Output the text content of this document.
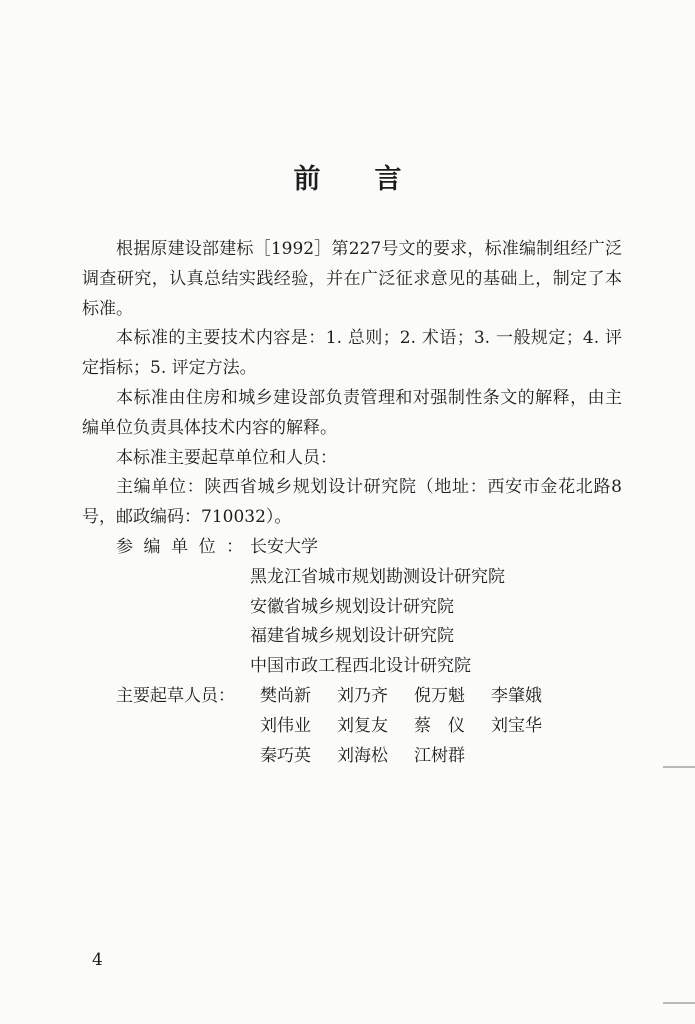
前言

根据原建设部建标［1992］第227号文的要求，标准编制组经广泛调查研究，认真总结实践经验，并在广泛征求意见的基础上，制定了本标准。

本标准的主要技术内容是：1. 总则；2. 术语；3. 一般规定；4. 评定指标；5. 评定方法。

本标准由住房和城乡建设部负责管理和对强制性条文的解释，由主编单位负责具体技术内容的解释。

本标准主要起草单位和人员：

主编单位：陕西省城乡规划设计研究院（地址：西安市金花北路8号，邮政编码：710032）。

参编单位：
长安大学
黑龙江省城市规划勘测设计研究院
安徽省城乡规划设计研究院
福建省城乡规划设计研究院
中国市政工程西北设计研究院
主要起草人员：	樊尚新	刘乃齐	倪万魁	李肇娥
刘伟业	刘复友	蔡　仪	刘宝华
秦巧英	刘海松	江树群
4
